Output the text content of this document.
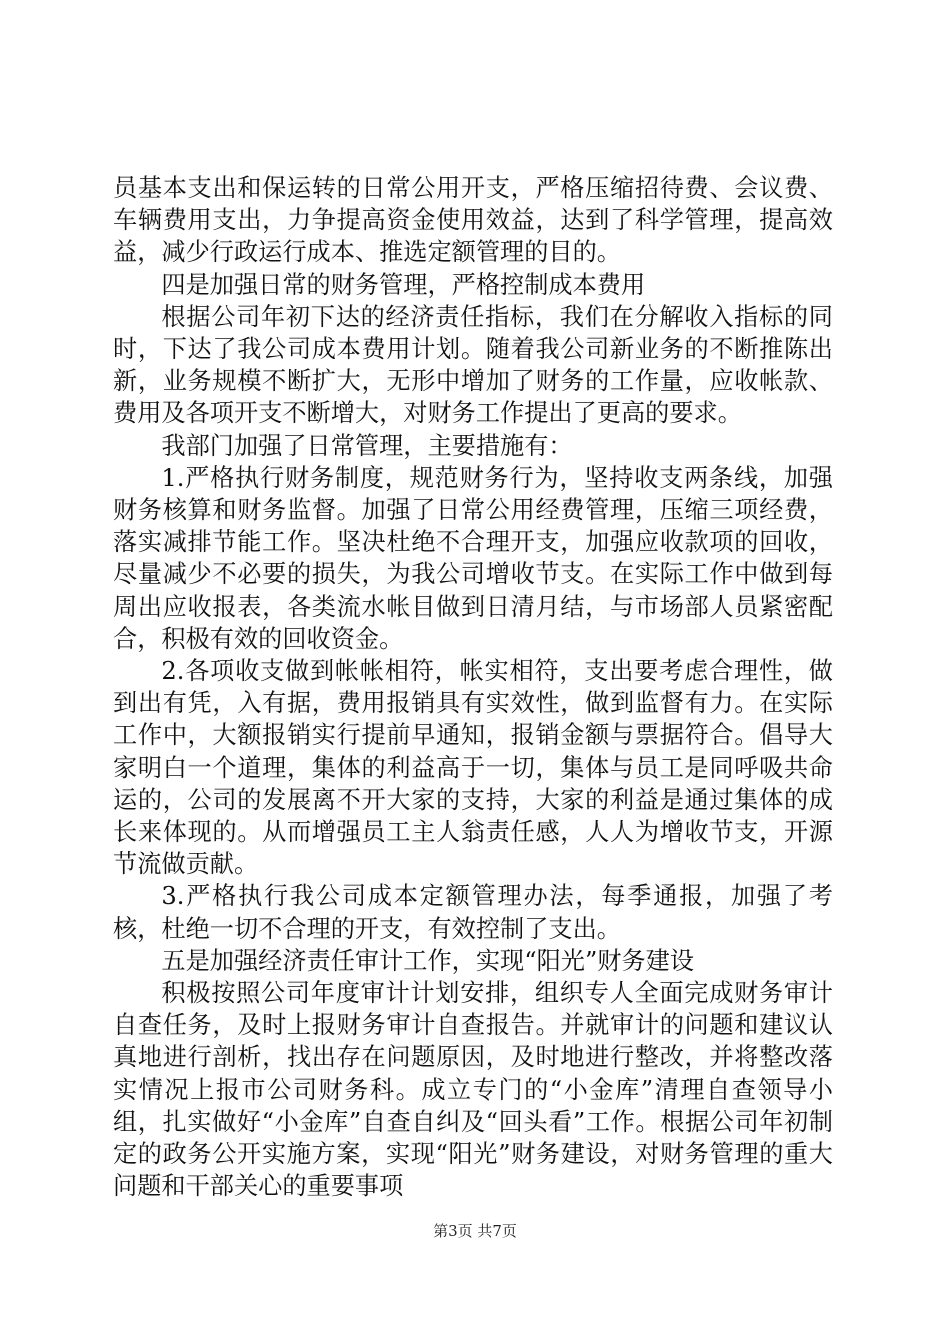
员基本支出和保运转的日常公用开支，严格压缩招待费、会议费、车辆费用支出，力争提高资金使用效益，达到了科学管理，提高效益，减少行政运行成本、推选定额管理的目的。

四是加强日常的财务管理，严格控制成本费用

根据公司年初下达的经济责任指标，我们在分解收入指标的同时，下达了我公司成本费用计划。随着我公司新业务的不断推陈出新，业务规模不断扩大，无形中增加了财务的工作量，应收帐款、费用及各项开支不断增大，对财务工作提出了更高的要求。

我部门加强了日常管理，主要措施有：

1.严格执行财务制度，规范财务行为，坚持收支两条线，加强财务核算和财务监督。加强了日常公用经费管理，压缩三项经费，落实减排节能工作。坚决杜绝不合理开支，加强应收款项的回收，尽量减少不必要的损失，为我公司增收节支。在实际工作中做到每周出应收报表，各类流水帐目做到日清月结，与市场部人员紧密配合，积极有效的回收资金。

2.各项收支做到帐帐相符，帐实相符，支出要考虑合理性，做到出有凭，入有据，费用报销具有实效性，做到监督有力。在实际工作中，大额报销实行提前早通知，报销金额与票据符合。倡导大家明白一个道理，集体的利益高于一切，集体与员工是同呼吸共命运的，公司的发展离不开大家的支持，大家的利益是通过集体的成长来体现的。从而增强员工主人翁责任感，人人为增收节支，开源节流做贡献。

3.严格执行我公司成本定额管理办法，每季通报，加强了考核，杜绝一切不合理的开支，有效控制了支出。

五是加强经济责任审计工作，实现“阳光”财务建设

积极按照公司年度审计计划安排，组织专人全面完成财务审计自查任务，及时上报财务审计自查报告。并就审计的问题和建议认真地进行剖析，找出存在问题原因，及时地进行整改，并将整改落实情况上报市公司财务科。成立专门的“小金库”清理自查领导小组，扎实做好“小金库”自查自纠及“回头看”工作。根据公司年初制定的政务公开实施方案，实现“阳光”财务建设，对财务管理的重大问题和干部关心的重要事项

第3页 共7页
